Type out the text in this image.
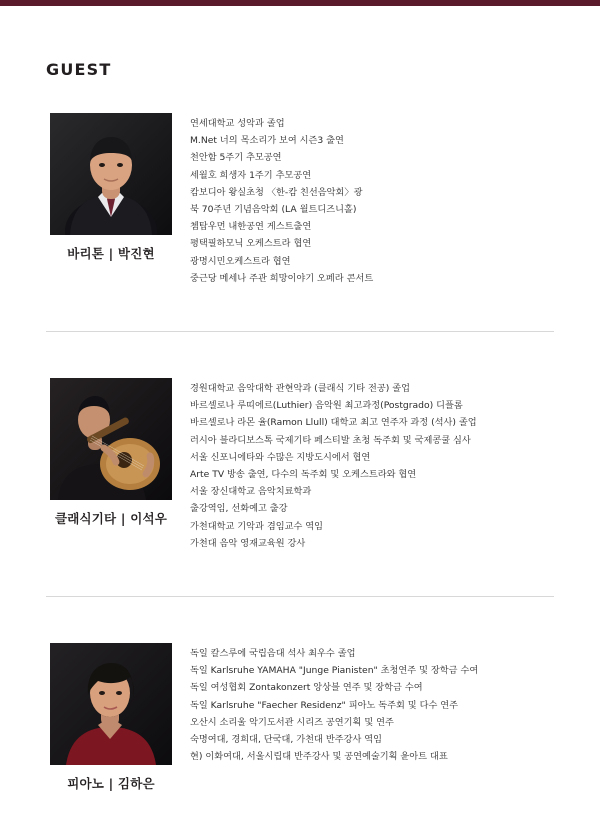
GUEST
바리톤 | 박진현
연세대학교 성악과 졸업
M.Net 너의 목소리가 보여 시즌3 출연
천안함 5주기 추모공연
세월호 희생자 1주기 추모공연
캄보디아 왕실초청 〈한-캄 친선음악회〉광
북 70주년 기념음악회 (LA 월트디즈니홀)
쳄탑우먼 내한공연 게스트출연
평택필하모닉 오케스트라 협연
광명시민오케스트라 협연
중근당 메세나 주관 희망이야기 오페라 콘서트
클래식기타 | 이석우
경원대학교 음악대학 관현악과 (클래식 기타 전공) 졸업
바르셀로나 루띠에르(Luthier) 음악원 최고과정(Postgrado) 디플롬
바르셀로나 라몬 율(Ramon Llull) 대학교 최고 연주자 과정 (석사) 졸업
러시아 블라디보스톡 국제기타 페스티발 초청 독주회 및 국제콩쿨 심사
서울 신포니에타와 수많은 지방도시에서 협연
Arte TV 방송 출연, 다수의 독주회 및 오케스트라와 협연
서울 장신대학교 음악치료학과
출강역임, 선화예고 출강
가천대학교 기악과 겸임교수 역임
가천대 음악 영재교육원 강사
피아노 | 김하은
독일 칼스루에 국립음대 석사 최우수 졸업
독일 Karlsruhe YAMAHA "Junge Pianisten" 초청연주 및 장학금 수여
독일 여성협회 Zontakonzert 앙상블 연주 및 장학금 수여
독일 Karlsruhe "Faecher Residenz" 피아노 독주회 및 다수 연주
오산시 소리울 악기도서관 시리즈 공연기획 및 연주
숙명여대, 경희대, 단국대, 가천대 반주강사 역임
현) 이화여대, 서울시립대 반주강사 및 공연예술기획 윤아트 대표
